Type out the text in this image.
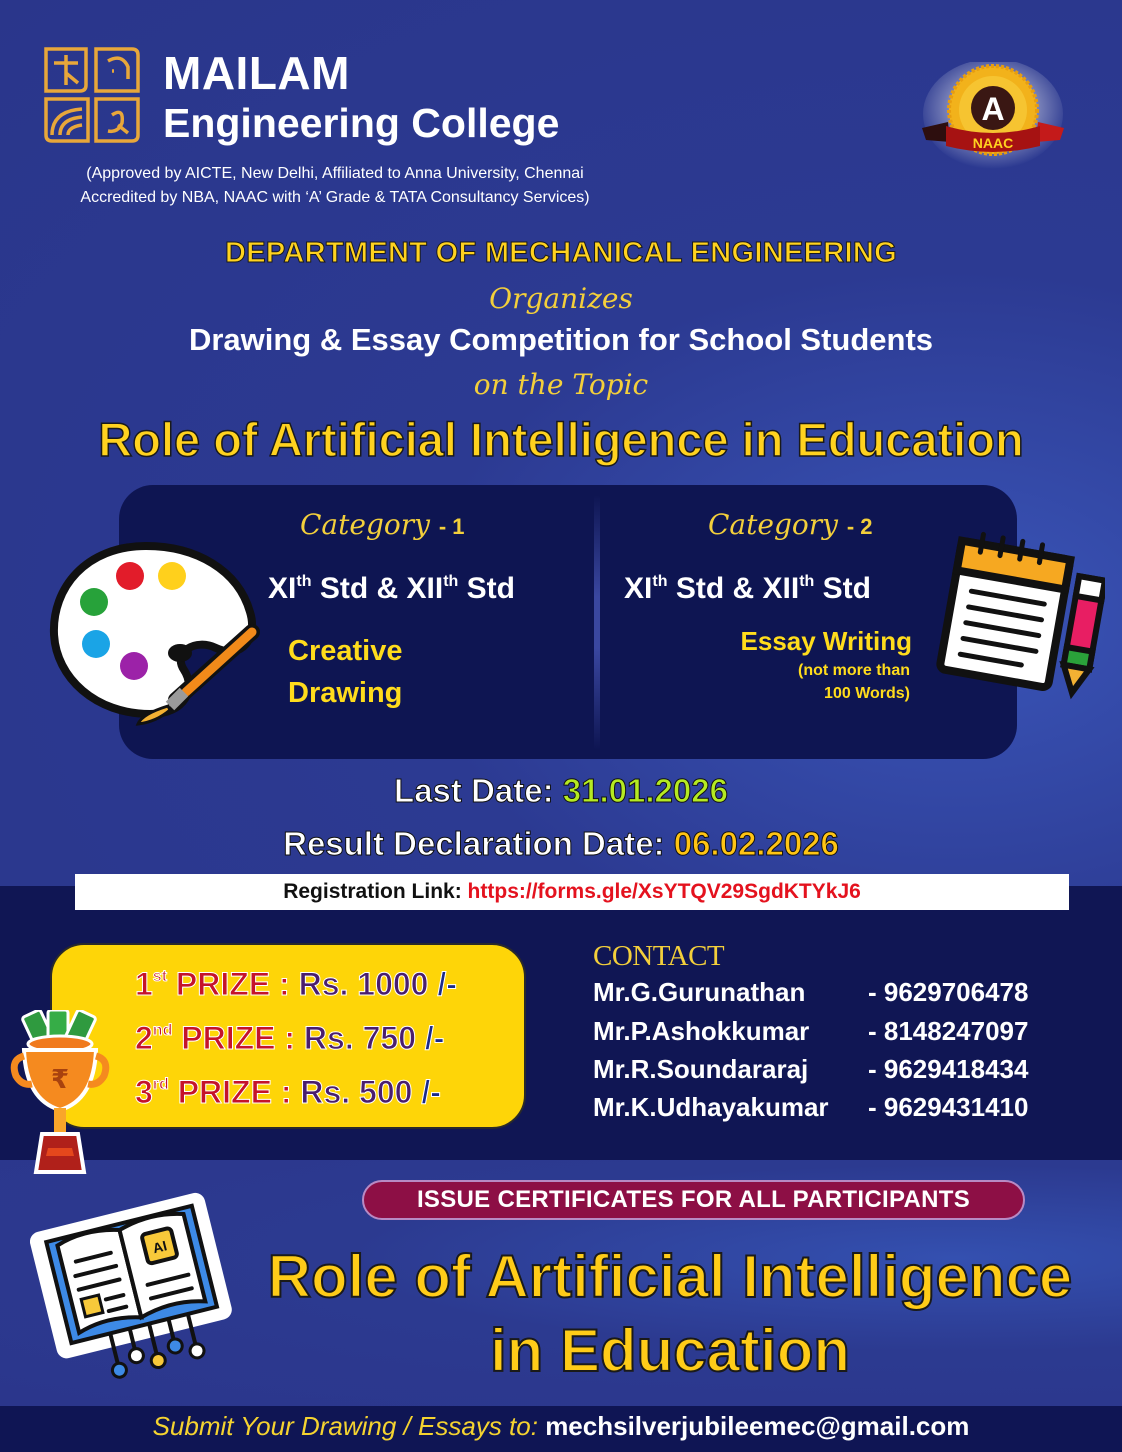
MAILAM
Engineering College
(Approved by AICTE, New Delhi, Affiliated to Anna University, Chennai
Accredited by NBA, NAAC with ‘A’ Grade & TATA Consultancy Services)
A
NAAC
DEPARTMENT OF MECHANICAL ENGINEERING
Organizes
Drawing & Essay Competition for School Students
on the Topic
Role of Artificial Intelligence in Education
Category - 1
XIth Std & XIIth Std
Creative
Drawing
Category - 2
XIth Std & XIIth Std
Essay Writing
(not more than
100 Words)
Last Date: 31.01.2026
Result Declaration Date: 06.02.2026
Registration Link: https://forms.gle/XsYTQV29SgdKTYkJ6
1st PRIZE : Rs. 1000 /-
2nd PRIZE : Rs. 750 /-
3rd PRIZE : Rs. 500 /-
₹
CONTACT
Mr.G.Gurunathan - 9629706478
Mr.P.Ashokkumar - 8148247097
Mr.R.Soundararaj - 9629418434
Mr.K.Udhayakumar - 9629431410
ISSUE CERTIFICATES FOR ALL PARTICIPANTS
AI	Role of Artificial Intelligence
in Education
Submit Your Drawing / Essays to: mechsilverjubileemec@gmail.com
